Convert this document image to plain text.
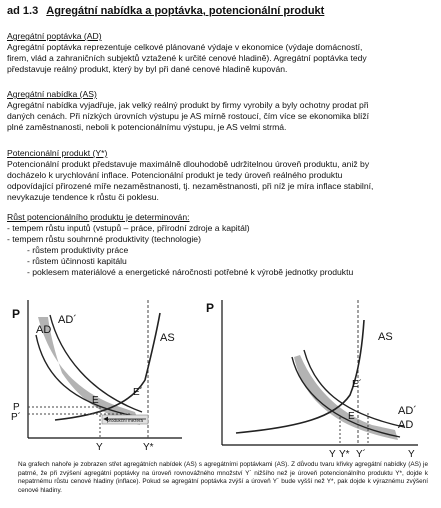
ad 1.3 Agregátní nabídka a poptávka, potencionální produkt
Agregátní poptávka (AD)
Agregátní poptávka reprezentuje celkové plánované výdaje v ekonomice (výdaje domácností,
firem, vlád a zahraničních subjektů vztažené k určité cenové hladině). Agregátní poptávka tedy
představuje reálný produkt, který by byl při dané cenové hladině kupován.
Agregátní nabídka (AS)
Agregátní nabídka vyjadřuje, jak velký reálný produkt by firmy vyrobily a byly ochotny prodat při
daných cenách. Při nízkých úrovních výstupu je AS mírně rostoucí, čím více se ekonomika blíží
plné zaměstnanosti, neboli k potencionálnímu výstupu, je AS velmi strmá.
Potencionální produkt (Y*)
Potencionální produkt představuje maximálně dlouhodobě udržitelnou úroveň produktu, aniž by
docházelo k urychlování inflace. Potencionální produkt je tedy úroveň reálného produktu
odpovídající přirozené míře nezaměstnanosti, tj. nezaměstnanosti, při níž je míra inflace stabilní,
nevykazuje tendence k růstu či poklesu.
Růst potencionálního produktu je determinován:
- tempem růstu inputů (vstupů – práce, přírodní zdroje a kapitál)
- tempem růstu souhrnné produktivity (technologie)
- růstem produktivity práce
- růstem účinnosti kapitálu
- poklesem materiálové a energetické náročnosti potřebné k výrobě jednotky produktu
P
AD
AD´
AS
E
E´
P
P´
Y	Y*
produkční mezera
P
AS
AD
AD´
E
E´
Y
Y Y* Y´
Na grafech nahoře je zobrazen střet agregátních nabídek (AS) s agregátními poptávkami (AS). Z důvodu tvaru křivky agregátní nabídky (AS) je patrné, že při zvýšení agregátní poptávky na úroveň rovnovážného množství Y´ nižšího než je úroveň potencionálního produktu Y*, dojde k nepatrnému růstu cenové hladiny (inflace). Pokud se agregátní poptávka zvýší a úroveň Y´ bude vyšší než Y*, pak dojde k výraznému zvýšení cenové hladiny.
